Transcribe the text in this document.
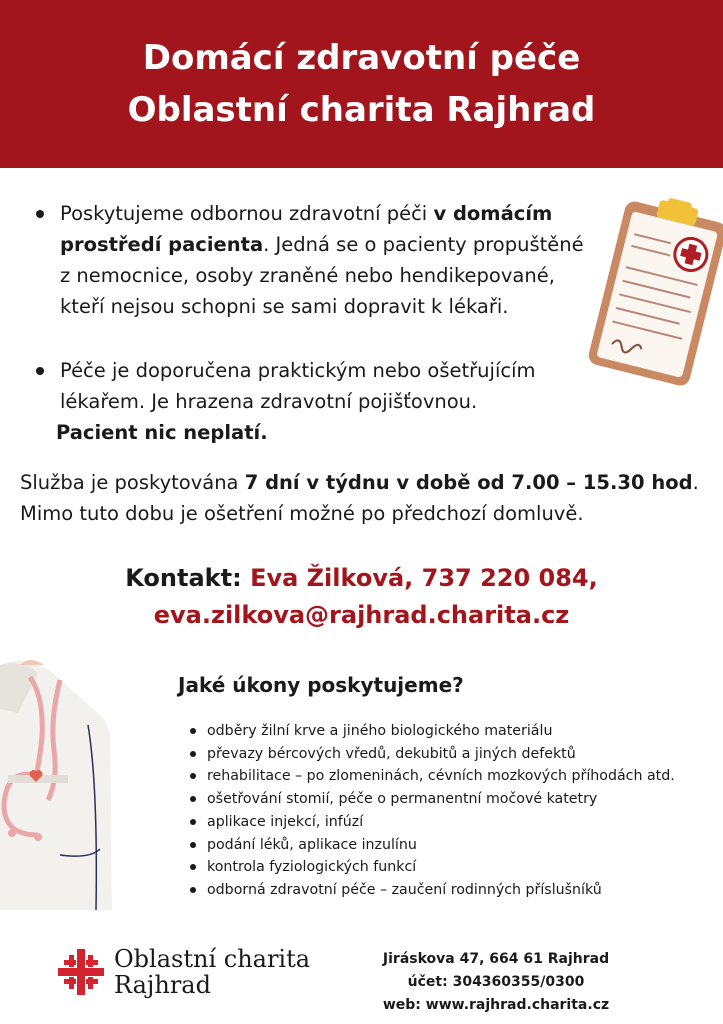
Domácí zdravotní péče
Oblastní charita Rajhrad
Poskytujeme odbornou zdravotní péči v domácím prostředí pacienta. Jedná se o pacienty propuštěné z nemocnice, osoby zraněné nebo hendikepované, kteří nejsou schopni se sami dopravit k lékaři.
Péče je doporučena praktickým nebo ošetřujícím lékařem. Je hrazena zdravotní pojišťovnou.
Pacient nic neplatí.
Služba je poskytována 7 dní v týdnu v době od 7.00 – 15.30 hod.
Mimo tuto dobu je ošetření možné po předchozí domluvě.
Kontakt: Eva Žilková, 737 220 084,
eva.zilkova@rajhrad.charita.cz
Jaké úkony poskytujeme?
odběry žilní krve a jiného biologického materiálu
převazy bércových vředů, dekubitů a jiných defektů
rehabilitace – po zlomeninách, cévních mozkových příhodách atd.
ošetřování stomií, péče o permanentní močové katetry
aplikace injekcí, infúzí
podání léků, aplikace inzulínu
kontrola fyziologických funkcí
odborná zdravotní péče – zaučení rodinných příslušníků
Oblastní charita
Rajhrad
Jiráskova 47, 664 61 Rajhrad
účet: 304360355/0300
web: www.rajhrad.charita.cz
